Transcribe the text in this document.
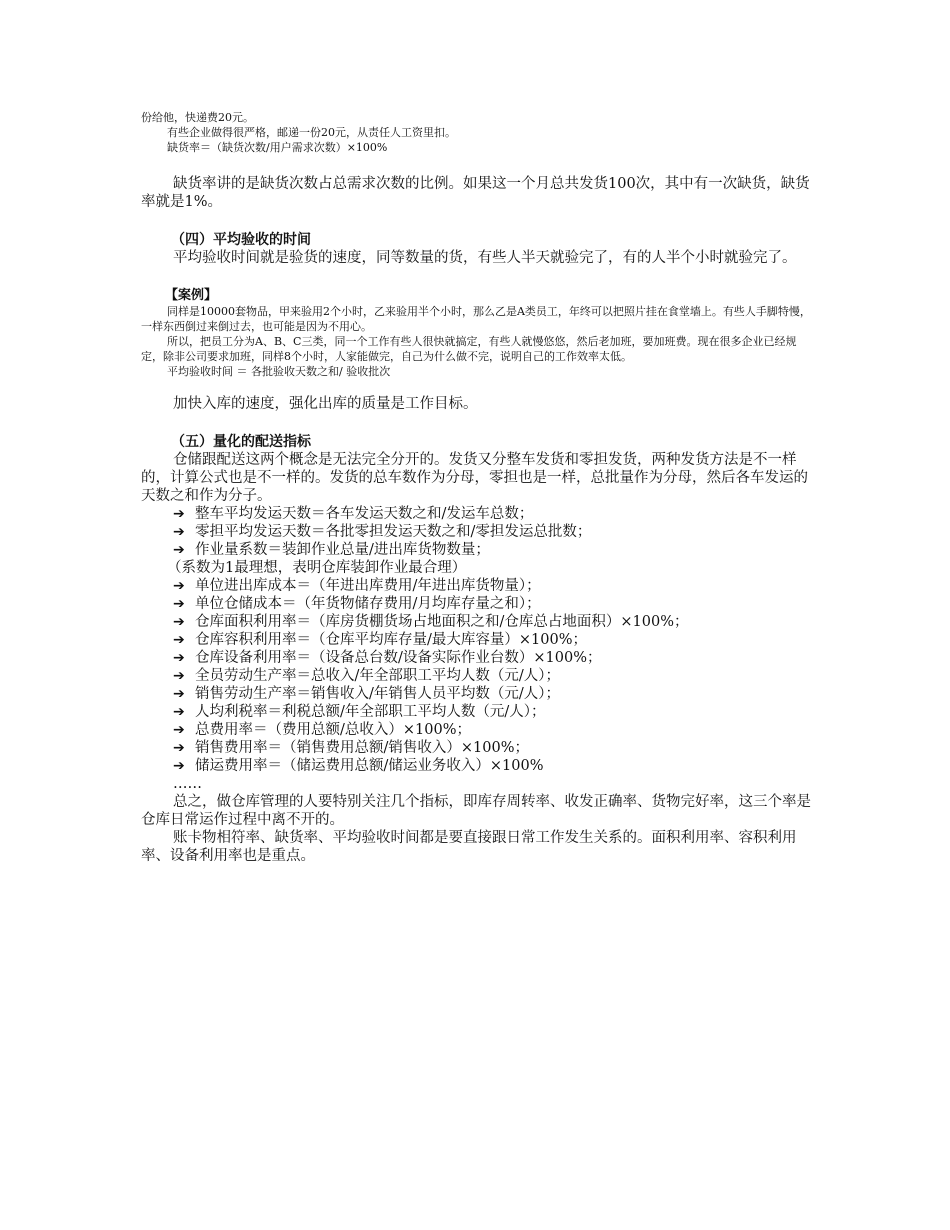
份给他，快递费20元。

有些企业做得很严格，邮递一份20元，从责任人工资里扣。

缺货率＝（缺货次数/用户需求次数）×100%

缺货率讲的是缺货次数占总需求次数的比例。如果这一个月总共发货100次，其中有一次缺货，缺货率就是1%。

（四）平均验收的时间

平均验收时间就是验货的速度，同等数量的货，有些人半天就验完了，有的人半个小时就验完了。

【案例】

同样是10000套物品，甲来验用2个小时，乙来验用半个小时，那么乙是A类员工，年终可以把照片挂在食堂墙上。有些人手脚特慢，一样东西倒过来倒过去，也可能是因为不用心。

所以，把员工分为A、B、C三类，同一个工作有些人很快就搞定，有些人就慢悠悠，然后老加班，要加班费。现在很多企业已经规定，除非公司要求加班，同样8个小时，人家能做完，自己为什么做不完，说明自己的工作效率太低。

平均验收时间 ＝ 各批验收天数之和/ 验收批次

加快入库的速度，强化出库的质量是工作目标。

（五）量化的配送指标

仓储跟配送这两个概念是无法完全分开的。发货又分整车发货和零担发货，两种发货方法是不一样的，计算公式也是不一样的。发货的总车数作为分母，零担也是一样，总批量作为分母，然后各车发运的天数之和作为分子。

➔ 整车平均发运天数＝各车发运天数之和/发运车总数；
➔ 零担平均发运天数＝各批零担发运天数之和/零担发运总批数；
➔ 作业量系数＝装卸作业总量/进出库货物数量；

（系数为1最理想，表明仓库装卸作业最合理）

➔ 单位进出库成本＝（年进出库费用/年进出库货物量）；
➔ 单位仓储成本＝（年货物储存费用/月均库存量之和）；
➔ 仓库面积利用率＝（库房货棚货场占地面积之和/仓库总占地面积）×100%；
➔ 仓库容积利用率＝（仓库平均库存量/最大库容量）×100%；
➔ 仓库设备利用率＝（设备总台数/设备实际作业台数）×100%；
➔ 全员劳动生产率＝总收入/年全部职工平均人数（元/人）；
➔ 销售劳动生产率＝销售收入/年销售人员平均数（元/人）；
➔ 人均利税率＝利税总额/年全部职工平均人数（元/人）；
➔ 总费用率＝（费用总额/总收入）×100%；
➔ 销售费用率＝（销售费用总额/销售收入）×100%；
➔ 储运费用率＝（储运费用总额/储运业务收入）×100%

……

总之，做仓库管理的人要特别关注几个指标，即库存周转率、收发正确率、货物完好率，这三个率是仓库日常运作过程中离不开的。

账卡物相符率、缺货率、平均验收时间都是要直接跟日常工作发生关系的。面积利用率、容积利用率、设备利用率也是重点。
